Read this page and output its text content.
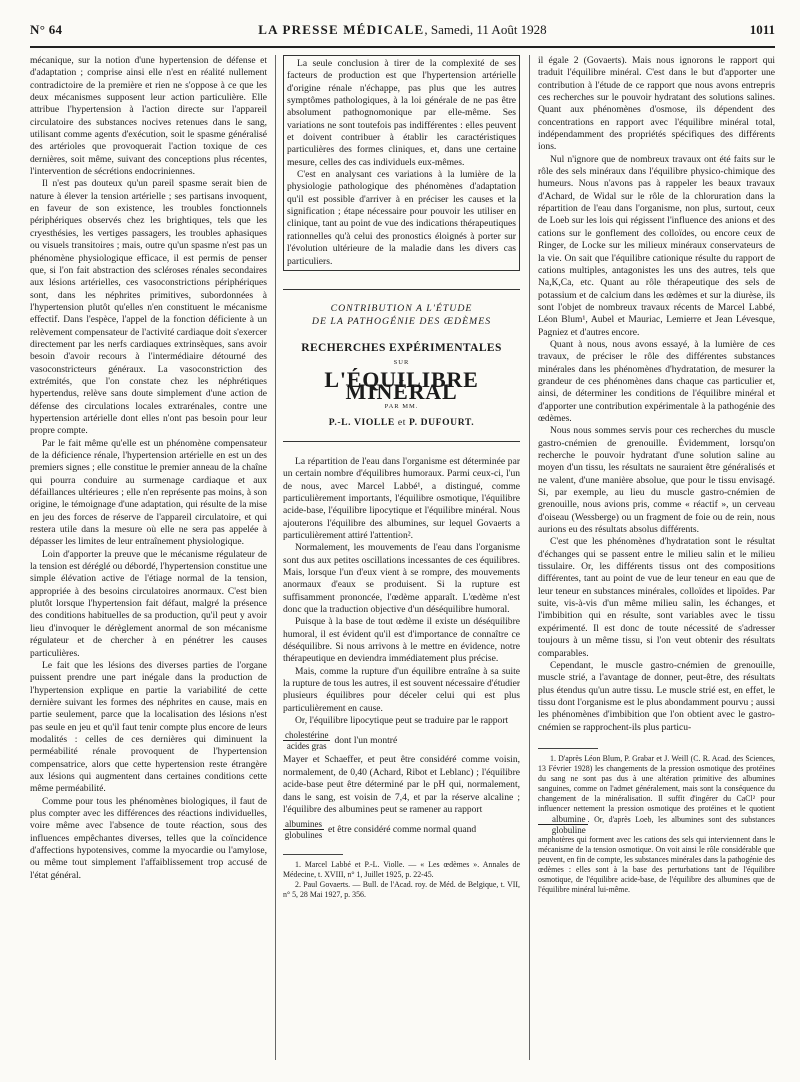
N° 64	LA PRESSE MÉDICALE, Samedi, 11 Août 1928	1011

mécanique, sur la notion d'une hypertension de défense et d'adaptation ; comprise ainsi elle n'est en réalité nullement contradictoire de la première et rien ne s'oppose à ce que les deux mécanismes supposent leur action particulière. Elle attribue l'hypertension à l'action directe sur l'appareil circulatoire des substances nocives retenues dans le sang, utilisant comme agents d'exécution, soit le spasme généralisé des artérioles que provoquerait l'action toxique de ces dernières, soit même, suivant des conceptions plus récentes, l'intervention de sécrétions endocriniennes.

Il n'est pas douteux qu'un pareil spasme serait bien de nature à élever la tension artérielle ; ses partisans invoquent, en faveur de son existence, les troubles fonctionnels périphériques observés chez les brightiques, tels que les cryesthésies, les vertiges passagers, les troubles aphasiques ou visuels transitoires ; mais, outre qu'un spasme n'est pas un phénomène physiologique efficace, il est permis de penser que, si l'on fait abstraction des scléroses rénales secondaires aux lésions artérielles, ces vasoconstrictions périphériques sont, dans les néphrites primitives, subordonnées à l'hypertension plutôt qu'elles n'en constituent le mécanisme effectif. Dans l'espèce, l'appel de la fonction déficiente à un relèvement compensateur de l'activité cardiaque doit s'exercer directement par les nerfs cardiaques extrinsèques, sans avoir besoin d'avoir recours à l'intermédiaire détourné des vasoconstricteurs généraux. La vasoconstriction des extrémités, que l'on constate chez les néphrétiques hypertendus, relève sans doute simplement d'une action de défense des circulations locales extrarénales, contre une hypertension artérielle dont elles n'ont pas besoin pour leur propre compte.

Par le fait même qu'elle est un phénomène compensateur de la déficience rénale, l'hypertension artérielle en est un des premiers signes ; elle constitue le premier anneau de la chaîne qui pourra conduire au surmenage cardiaque et aux défaillances ultérieures ; elle n'en représente pas moins, à son origine, le témoignage d'une adaptation, qui résulte de la mise en jeu des forces de réserve de l'appareil circulatoire, et qui restera utile dans la mesure où elle ne sera pas appelée à dépasser les limites de leur entraînement physiologique.

Loin d'apporter la preuve que le mécanisme régulateur de la tension est déréglé ou débordé, l'hypertension constitue une simple élévation active de l'étiage normal de la tension, appropriée à des besoins circulatoires anormaux. C'est bien plutôt lorsque l'hypertension fait défaut, malgré la présence des conditions habituelles de sa production, qu'il peut y avoir lieu d'invoquer le dérèglement anormal de son mécanisme régulateur et de chercher à en pénétrer les causes particulières.

Le fait que les lésions des diverses parties de l'organe puissent prendre une part inégale dans la production de l'hypertension explique en partie la variabilité de cette dernière suivant les formes des néphrites en cause, mais en partie seulement, parce que la localisation des lésions n'est pas seule en jeu et qu'il faut tenir compte plus encore de leurs modalités : celles de ces dernières qui diminuent la perméabilité rénale provoquent de l'hypertension compensatrice, alors que cette hypertension reste étrangère aux lésions qui augmentent dans certaines conditions cette même perméabilité.

Comme pour tous les phénomènes biologiques, il faut de plus compter avec les différences des réactions individuelles, voire même avec l'absence de toute réaction, sous des influences empêchantes diverses, telles que la coïncidence d'affections hypotensives, comme la myocardie ou l'amylose, ou même tout simplement l'affaiblissement trop accusé de l'état général.

La seule conclusion à tirer de la complexité de ses facteurs de production est que l'hypertension artérielle d'origine rénale n'échappe, pas plus que les autres symptômes pathologiques, à la loi générale de ne pas être absolument pathognomonique par elle-même. Ses variations ne sont toutefois pas indifférentes : elles peuvent et doivent contribuer à établir les caractéristiques particulières des formes cliniques, et, dans une certaine mesure, celles des cas individuels eux-mêmes.

C'est en analysant ces variations à la lumière de la physiologie pathologique des phénomènes d'adaptation qu'il est possible d'arriver à en préciser les causes et la signification ; étape nécessaire pour pouvoir les utiliser en clinique, tant au point de vue des indications thérapeutiques rationnelles qu'à celui des pronostics éloignés à porter sur l'évolution ultérieure de la maladie dans les divers cas particuliers.

CONTRIBUTION A L'ÉTUDE
DE LA PATHOGÉNIE DES ŒDÈMES
RECHERCHES EXPÉRIMENTALES
SUR
L'ÉQUILIBRE MINÉRAL
PAR MM.
P.-L. VIOLLE et P. DUFOURT.

La répartition de l'eau dans l'organisme est déterminée par un certain nombre d'équilibres humoraux. Parmi ceux-ci, l'un de nous, avec Marcel Labbé¹, a distingué, comme particulièrement importants, l'équilibre osmotique, l'équilibre acide-base, l'équilibre lipocytique et l'équilibre minéral. Nous ajouterons l'équilibre des albumines, sur lequel Govaerts a particulièrement attiré l'attention².

Normalement, les mouvements de l'eau dans l'organisme sont dus aux petites oscillations incessantes de ces équilibres. Mais, lorsque l'un d'eux vient à se rompre, des mouvements anormaux d'eaux se produisent. Si la rupture est suffisamment prononcée, l'œdème apparaît. L'œdème n'est donc que la traduction objective d'un déséquilibre humoral.

Puisque à la base de tout œdème il existe un déséquilibre humoral, il est évident qu'il est d'importance de connaître ce déséquilibre. Si nous arrivons à le mettre en évidence, notre thérapeutique en deviendra immédiatement plus précise.

Mais, comme la rupture d'un équilibre entraîne à sa suite la rupture de tous les autres, il est souvent nécessaire d'étudier plusieurs équilibres pour déceler celui qui est plus particulièrement en cause.

Or, l'équilibre lipocytique peut se traduire par le rapport

$\frac{\text{cholestérine}}{\text{acides gras}}$ dont l'un montré

Mayer et Schaeffer, et peut être considéré comme voisin, normalement, de 0,40 (Achard, Ribot et Leblanc) ; l'équilibre acide-base peut être déterminé par le pH qui, normalement, dans le sang, est voisin de 7,4, et par la réserve alcaline ; l'équilibre des albumines peut se ramener au rapport

$\frac{\text{albumines}}{\text{globulines}}$ et être considéré comme normal quand

1. Marcel Labbé et P.-L. Violle. — « Les œdèmes ». Annales de Médecine, t. XVIII, n° 1, Juillet 1925, p. 22-45.

2. Paul Govaerts. — Bull. de l'Acad. roy. de Méd. de Belgique, t. VII, n° 5, 28 Mai 1927, p. 356.

il égale 2 (Govaerts). Mais nous ignorons le rapport qui traduit l'équilibre minéral. C'est dans le but d'apporter une contribution à l'étude de ce rapport que nous avons entrepris ces recherches sur le pouvoir hydratant des solutions salines. Quant aux phénomènes d'osmose, ils dépendent des concentrations en rapport avec l'équilibre minéral total, indépendamment des propriétés spécifiques des différents ions.

Nul n'ignore que de nombreux travaux ont été faits sur le rôle des sels minéraux dans l'équilibre physico-chimique des humeurs. Nous n'avons pas à rappeler les beaux travaux d'Achard, de Widal sur le rôle de la chloruration dans la répartition de l'eau dans l'organisme, non plus, surtout, ceux de Loeb sur les lois qui régissent l'influence des anions et des cations sur le gonflement des colloïdes, ou encore ceux de Ringer, de Locke sur les milieux minéraux conservateurs de la vie. On sait que l'équilibre cationique résulte du rapport de cations multiples, antagonistes les uns des autres, tels que Na,K,Ca, etc. Quant au rôle thérapeutique des sels de potassium et de calcium dans les œdèmes et sur la diurèse, ils sont l'objet de nombreux travaux récents de Marcel Labbé, Léon Blum¹, Aubel et Mauriac, Lemierre et Jean Lévesque, Pagniez et d'autres encore.

Quant à nous, nous avons essayé, à la lumière de ces travaux, de préciser le rôle des différentes substances minérales dans les phénomènes d'hydratation, de mesurer la grandeur de ces phénomènes dans chaque cas particulier et, ainsi, de déterminer les conditions de l'équilibre minéral et d'apporter une contribution expérimentale à la pathogénie des œdèmes.

Nous nous sommes servis pour ces recherches du muscle gastro-cnémien de grenouille. Évidemment, lorsqu'on recherche le pouvoir hydratant d'une solution saline au moyen d'un tissu, les résultats ne sauraient être généralisés et ne valent, d'une manière absolue, que pour le tissu envisagé. Si, par exemple, au lieu du muscle gastro-cnémien de grenouille, nous avions pris, comme « réactif », un cerveau d'oiseau (Wessberge) ou un fragment de foie ou de rein, nous aurions eu des résultats absolus différents.

C'est que les phénomènes d'hydratation sont le résultat d'échanges qui se passent entre le milieu salin et le milieu tissulaire. Or, les différents tissus ont des compositions différentes, tant au point de vue de leur teneur en eau que de leur teneur en substances minérales, colloïdes et lipoïdes. Par suite, vis-à-vis d'un même milieu salin, les échanges, et l'imbibition qui en résulte, sont variables avec le tissu expérimenté. Il est donc de toute nécessité de s'adresser toujours à un même tissu, si l'on veut obtenir des résultats comparables.

Cependant, le muscle gastro-cnémien de grenouille, muscle strié, a l'avantage de donner, peut-être, des résultats plus étendus qu'un autre tissu. Le muscle strié est, en effet, le tissu dont l'organisme est le plus abondamment pourvu ; aussi les phénomènes d'imbibition que l'on obtient avec le gastro-cnémien se rapprochent-ils plus particu-

1. D'après Léon Blum, P. Grabar et J. Weill (C. R. Acad. des Sciences, 13 Février 1928) les changements de la pression osmotique des protéines du sang ne sont pas dus à une altération primitive des albumines sanguines, comme on l'admet généralement, mais sont la conséquence du changement de la minéralisation. Il suffit d'ingérer du CaCl² pour influencer nettement la pression osmotique des protéines et le quotient
$\frac{\text{albumine}}{\text{globuline}}$ . Or, d'après Loeb, les albumines sont des substances amphotères qui forment avec les cations des sels qui interviennent dans le mécanisme de la tension osmotique. On voit ainsi le rôle considérable que peuvent, en fin de compte, les substances minérales dans la pathogénie des œdèmes : elles sont à la base des perturbations tant de l'équilibre osmotique, de l'équilibre acide-base, de l'équilibre des albumines que de l'équilibre minéral lui-même.
